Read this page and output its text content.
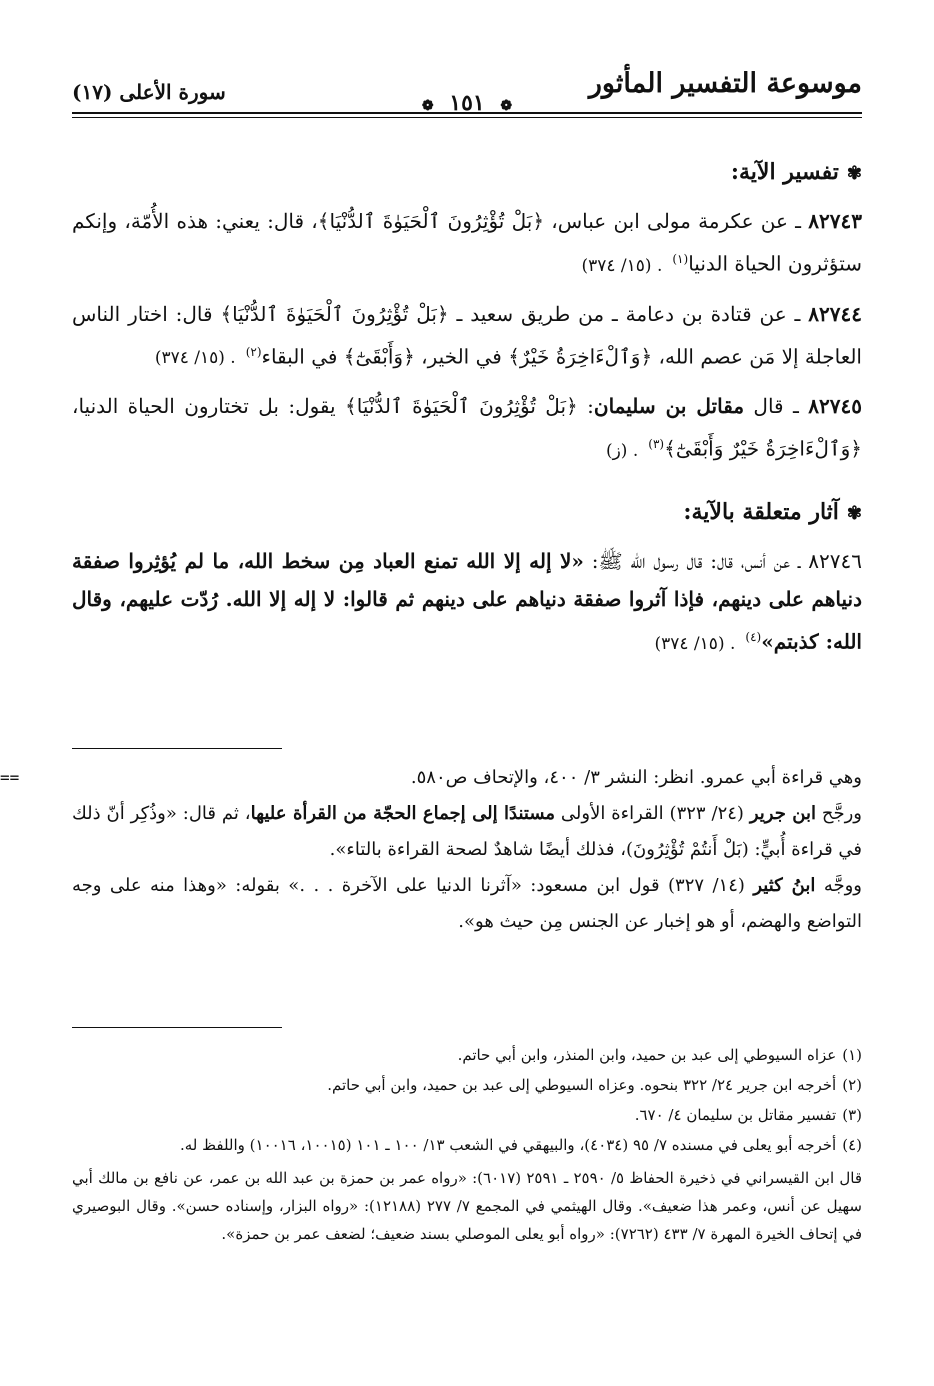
موسوعة التفسير المأثور
❁ ١٥١ ❁
سورة الأعلى (١٧)
✾تفسير الآية:
٨٢٧٤٣ ـ عن عكرمة مولى ابن عباس، ﴿بَلْ تُؤْثِرُونَ ٱلْحَيَوٰةَ ٱلدُّنْيَا﴾، قال: يعني: هذه الأُمّة، وإنكم ستؤثرون الحياة الدنيا$^{(١)}$. (١٥/ ٣٧٤)
٨٢٧٤٤ ـ عن قتادة بن دعامة ـ من طريق سعيد ـ ﴿بَلْ تُؤْثِرُونَ ٱلْحَيَوٰةَ ٱلدُّنْيَا﴾ قال: اختار الناس العاجلة إلا مَن عصم الله، ﴿وَٱلْءَاخِرَةُ خَيْرٌ﴾ في الخير، ﴿وَأَبْقَىٰٓ﴾ في البقاء$^{(٢)}$. (١٥/ ٣٧٤)
٨٢٧٤٥ ـ قال مقاتل بن سليمان: ﴿بَلْ تُؤْثِرُونَ ٱلْحَيَوٰةَ ٱلدُّنْيَا﴾ يقول: بل تختارون الحياة الدنيا، ﴿وَٱلْءَاخِرَةُ خَيْرٌ وَأَبْقَىٰٓ﴾$^{(٣)}$. (ز)
✾آثار متعلقة بالآية:
٨٢٧٤٦ ـ عن أنس، قال: قال رسول الله ﷺ: «لا إله إلا الله تمنع العباد مِن سخط الله، ما لم يُؤثِروا صفقة دنياهم على دينهم، فإذا آثروا صفقة دنياهم على دينهم ثم قالوا: لا إله إلا الله. رُدّت عليهم، وقال الله: كذبتم»$^{(٤)}$. (١٥/ ٣٧٤)
==	وهي قراءة أبي عمرو. انظر: النشر ٣/ ٤٠٠، والإتحاف ص٥٨٠.

ورجَّح ابن جرير (٢٤/ ٣٢٣) القراءة الأولى مستندًا إلى إجماع الحجّة من القرأة عليها، ثم قال: «وذُكِر أنّ ذلك في قراءة أُبيٍّ: (بَلْ أَنتُمْ تُؤْثِرُونَ)، فذلك أيضًا شاهدٌ لصحة القراءة بالتاء».

ووجَّه ابنُ كثير (١٤/ ٣٢٧) قول ابن مسعود: «آثرنا الدنيا على الآخرة . . .» بقوله: «وهذا منه على وجه التواضع والهضم، أو هو إخبار عن الجنس مِن حيث هو».

(١)عزاه السيوطي إلى عبد بن حميد، وابن المنذر، وابن أبي حاتم.

(٢)أخرجه ابن جرير ٢٤/ ٣٢٢ بنحوه. وعزاه السيوطي إلى عبد بن حميد، وابن أبي حاتم.

(٣)تفسير مقاتل بن سليمان ٤/ ٦٧٠.

(٤)أخرجه أبو يعلى في مسنده ٧/ ٩٥ (٤٠٣٤)، والبيهقي في الشعب ١٣/ ١٠٠ ـ ١٠١ (١٠٠١٥، ١٠٠١٦) واللفظ له.

قال ابن القيسراني في ذخيرة الحفاظ ٥/ ٢٥٩٠ ـ ٢٥٩١ (٦٠١٧): «رواه عمر بن حمزة بن عبد الله بن عمر، عن نافع بن مالك أبي سهيل عن أنس، وعمر هذا ضعيف». وقال الهيثمي في المجمع ٧/ ٢٧٧ (١٢١٨٨): «رواه البزار، وإسناده حسن». وقال البوصيري في إتحاف الخيرة المهرة ٧/ ٤٣٣ (٧٢٦٢): «رواه أبو يعلى الموصلي بسند ضعيف؛ لضعف عمر بن حمزة».
